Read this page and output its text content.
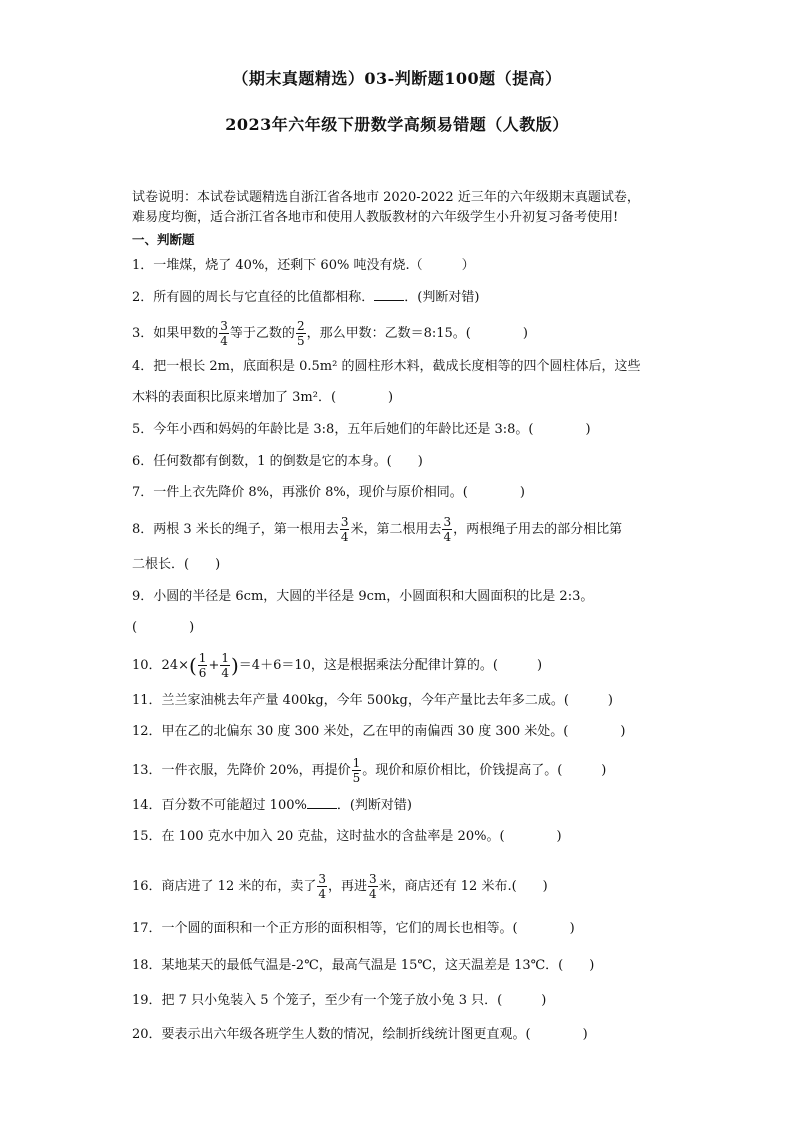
（期末真题精选）03-判断题100题（提高）
2023年六年级下册数学高频易错题（人教版）
试卷说明：本试卷试题精选自浙江省各地市 2020-2022 近三年的六年级期末真题试卷，
难易度均衡，适合浙江省各地市和使用人教版教材的六年级学生小升初复习备考使用!
一、判断题
1．一堆煤，烧了 40%，还剩下 60% 吨没有烧.（　　　）
2．所有圆的周长与它直径的比值都相称． ．(判断对错)
3．如果甲数的 $\frac{3}{4}$ 等于乙数的 $\frac{2}{5}$ ，那么甲数：乙数＝8:15。(　　　　)
4．把一根长 2m，底面积是 0.5m² 的圆柱形木料，截成长度相等的四个圆柱体后，这些
木料的表面积比原来增加了 3m²．(　　　　)
5．今年小西和妈妈的年龄比是 3:8，五年后她们的年龄比还是 3:8。(　　　　)
6．任何数都有倒数，1 的倒数是它的本身。(　　)
7．一件上衣先降价 8%，再涨价 8%，现价与原价相同。(　　　　)
8．两根 3 米长的绳子，第一根用去 $\frac{3}{4}$ 米，第二根用去 $\frac{3}{4}$ ，两根绳子用去的部分相比第
二根长．(　　)
9．小圆的半径是 6cm，大圆的半径是 9cm，小圆面积和大圆面积的比是 2:3。
(　　　　)
10．$24\times( \frac{1}{6} + \frac{1}{4} )=4+6=10$，这是根据乘法分配律计算的。(　　　)
11．兰兰家油桃去年产量 400kg，今年 500kg，今年产量比去年多二成。(　　　)
12．甲在乙的北偏东 30 度 300 米处，乙在甲的南偏西 30 度 300 米处。(　　　　)
13．一件衣服，先降价 20%，再提价 $\frac{1}{5}$ 。现价和原价相比，价钱提高了。(　　　)
14．百分数不可能超过 100% ．(判断对错)
15．在 100 克水中加入 20 克盐，这时盐水的含盐率是 20%。(　　　　)
16．商店进了 12 米的布，卖了 $\frac{3}{4}$ ，再进 $\frac{3}{4}$ 米，商店还有 12 米布.(　　)
17．一个圆的面积和一个正方形的面积相等，它们的周长也相等。(　　　　)
18．某地某天的最低气温是-2℃，最高气温是 15℃，这天温差是 13℃．(　　)
19．把 7 只小兔装入 5 个笼子，至少有一个笼子放小兔 3 只．(　　　)
20．要表示出六年级各班学生人数的情况，绘制折线统计图更直观。(　　　　)
